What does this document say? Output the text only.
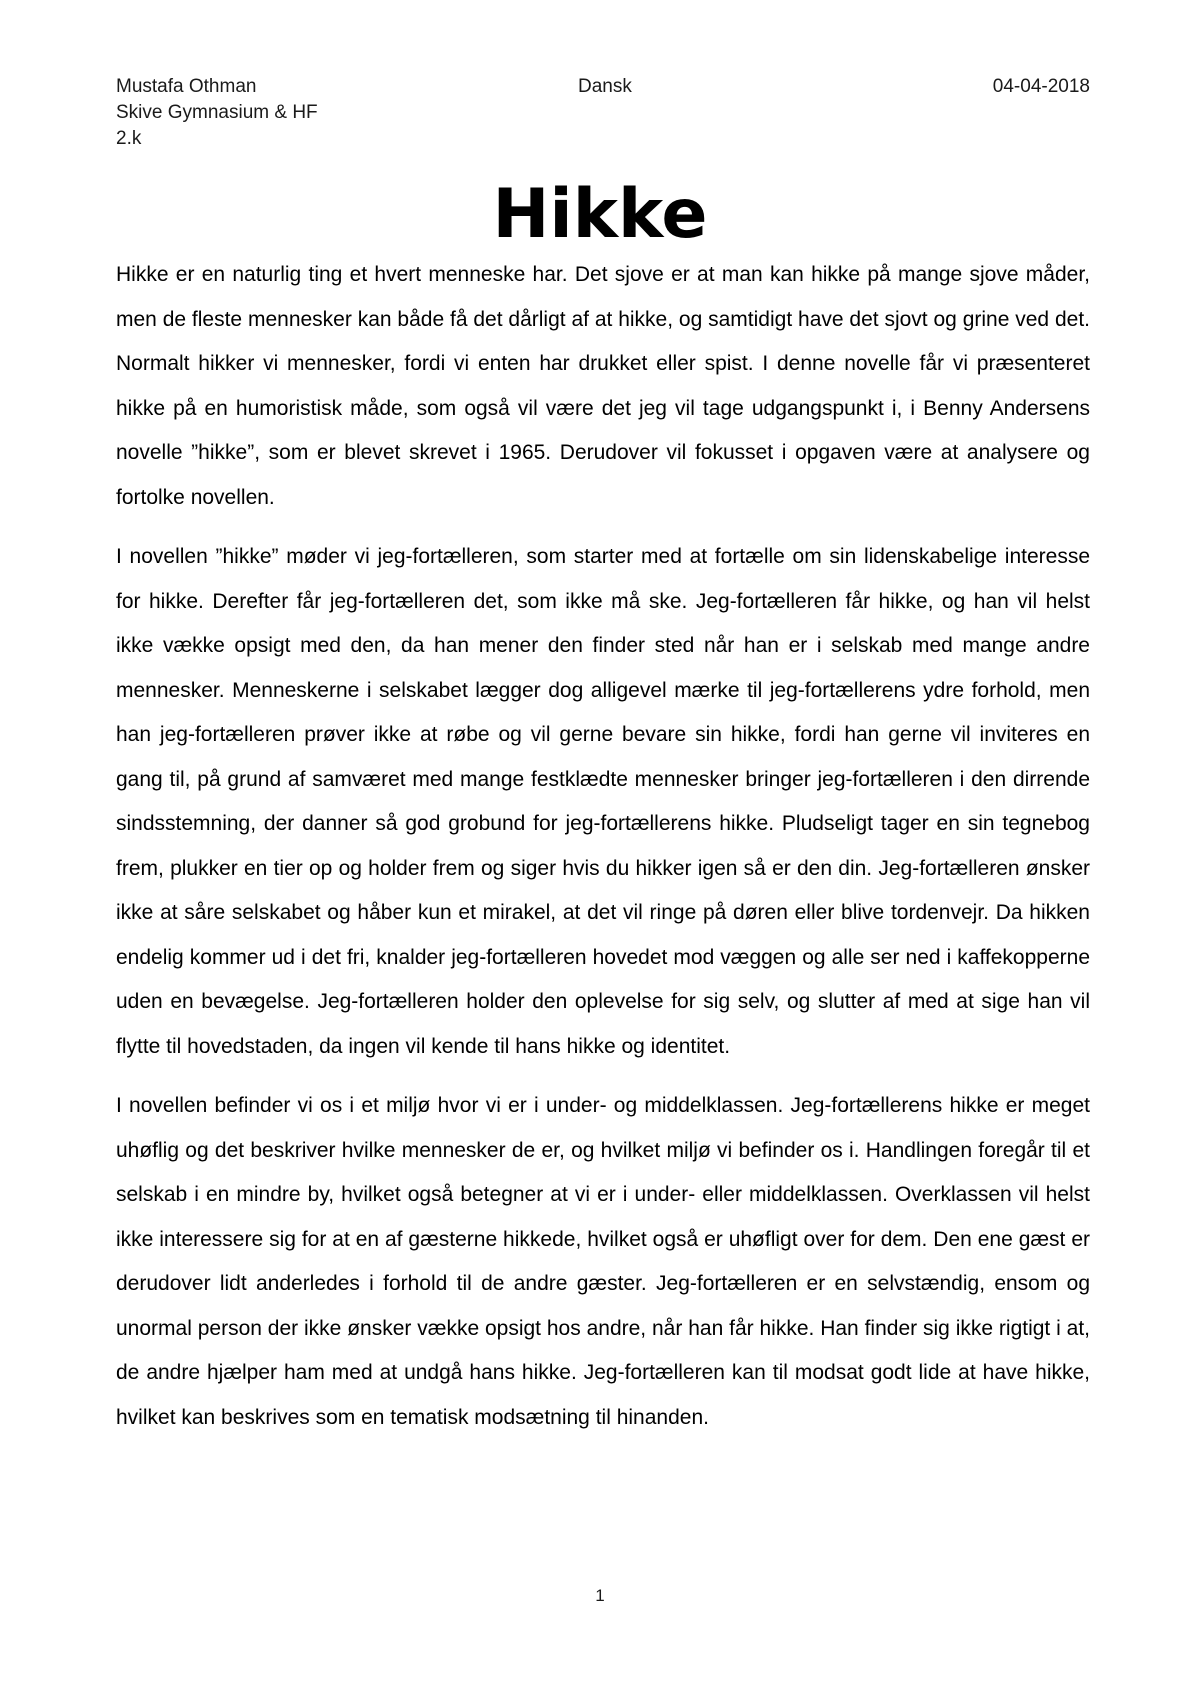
Mustafa Othman	Dansk	04-04-2018
Skive Gymnasium & HF
2.k
Hikke

Hikke er en naturlig ting et hvert menneske har. Det sjove er at man kan hikke på mange sjove måder, men de fleste mennesker kan både få det dårligt af at hikke, og samtidigt have det sjovt og grine ved det. Normalt hikker vi mennesker, fordi vi enten har drukket eller spist. I denne novelle får vi præsenteret hikke på en humoristisk måde, som også vil være det jeg vil tage udgangspunkt i, i Benny Andersens novelle ”hikke”, som er blevet skrevet i 1965. Derudover vil fokusset i opgaven være at analysere og fortolke novellen.

I novellen ”hikke” møder vi jeg-fortælleren, som starter med at fortælle om sin lidenskabelige interesse for hikke. Derefter får jeg-fortælleren det, som ikke må ske. Jeg-fortælleren får hikke, og han vil helst ikke vække opsigt med den, da han mener den finder sted når han er i selskab med mange andre mennesker. Menneskerne i selskabet lægger dog alligevel mærke til jeg-fortællerens ydre forhold, men han jeg-fortælleren prøver ikke at røbe og vil gerne bevare sin hikke, fordi han gerne vil inviteres en gang til, på grund af samværet med mange festklædte mennesker bringer jeg-fortælleren i den dirrende sindsstemning, der danner så god grobund for jeg-fortællerens hikke. Pludseligt tager en sin tegnebog frem, plukker en tier op og holder frem og siger hvis du hikker igen så er den din. Jeg-fortælleren ønsker ikke at såre selskabet og håber kun et mirakel, at det vil ringe på døren eller blive tordenvejr. Da hikken endelig kommer ud i det fri, knalder jeg-fortælleren hovedet mod væggen og alle ser ned i kaffekopperne uden en bevægelse. Jeg-fortælleren holder den oplevelse for sig selv, og slutter af med at sige han vil flytte til hovedstaden, da ingen vil kende til hans hikke og identitet.

I novellen befinder vi os i et miljø hvor vi er i under- og middelklassen. Jeg-fortællerens hikke er meget uhøflig og det beskriver hvilke mennesker de er, og hvilket miljø vi befinder os i. Handlingen foregår til et selskab i en mindre by, hvilket også betegner at vi er i under- eller middelklassen. Overklassen vil helst ikke interessere sig for at en af gæsterne hikkede, hvilket også er uhøfligt over for dem. Den ene gæst er derudover lidt anderledes i forhold til de andre gæster. Jeg-fortælleren er en selvstændig, ensom og unormal person der ikke ønsker vække opsigt hos andre, når han får hikke. Han finder sig ikke rigtigt i at, de andre hjælper ham med at undgå hans hikke. Jeg-fortælleren kan til modsat godt lide at have hikke, hvilket kan beskrives som en tematisk modsætning til hinanden.

1
